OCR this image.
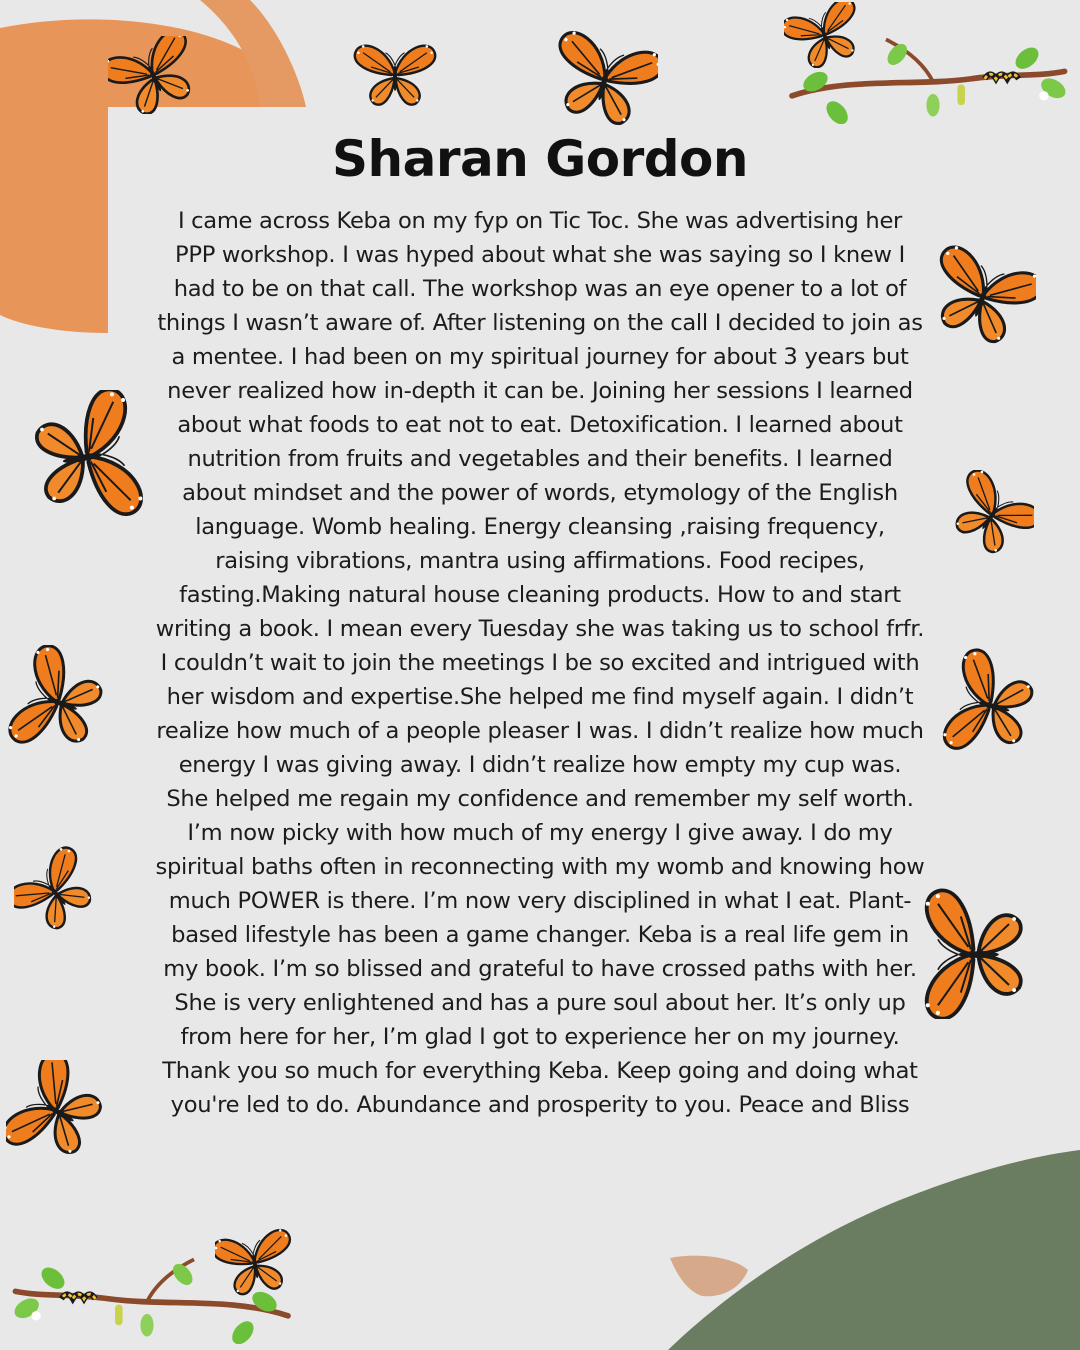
Sharan Gordon

I came across Keba on my fyp on Tic Toc. She was advertising her PPP workshop. I was hyped about what she was saying so I knew I had to be on that call. The workshop was an eye opener to a lot of things I wasn’t aware of. After listening on the call I decided to join as a mentee. I had been on my spiritual journey for about 3 years but never realized how in-depth it can be. Joining her sessions I learned about what foods to eat not to eat. Detoxification. I learned about nutrition from fruits and vegetables and their benefits. I learned about mindset and the power of words, etymology of the English language. Womb healing. Energy cleansing ,raising frequency, raising vibrations, mantra using affirmations. Food recipes, fasting.Making natural house cleaning products. How to and start writing a book. I mean every Tuesday she was taking us to school frfr. I couldn’t wait to join the meetings I be so excited and intrigued with her wisdom and expertise.She helped me find myself again. I didn’t realize how much of a people pleaser I was. I didn’t realize how much energy I was giving away. I didn’t realize how empty my cup was. She helped me regain my confidence and remember my self worth. I’m now picky with how much of my energy I give away. I do my spiritual baths often in reconnecting with my womb and knowing how much POWER is there. I’m now very disciplined in what I eat. Plant-based lifestyle has been a game changer. Keba is a real life gem in my book. I’m so blissed and grateful to have crossed paths with her. She is very enlightened and has a pure soul about her. It’s only up from here for her, I’m glad I got to experience her on my journey. Thank you so much for everything Keba. Keep going and doing what you're led to do. Abundance and prosperity to you. Peace and Bliss
